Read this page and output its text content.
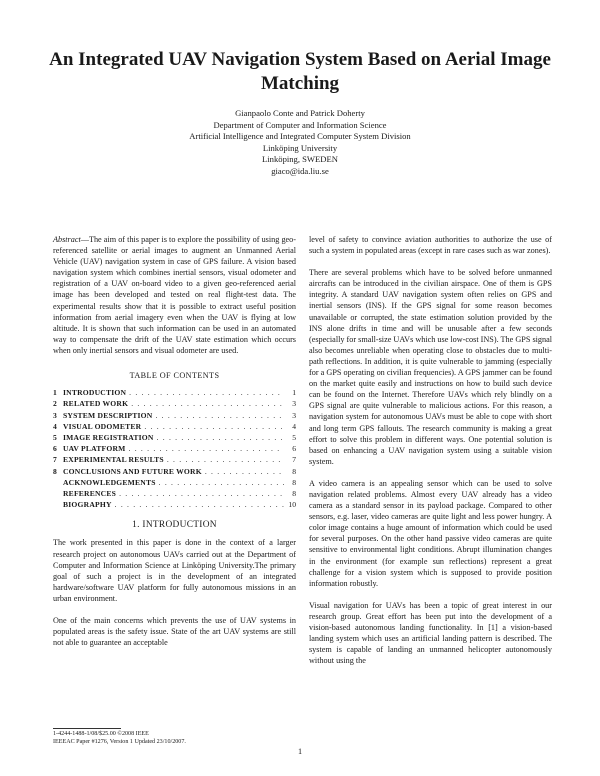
An Integrated UAV Navigation System Based on Aerial Image Matching
Gianpaolo Conte and Patrick Doherty
Department of Computer and Information Science
Artificial Intelligence and Integrated Computer System Division
Linköping University
Linköping, SWEDEN
giaco@ida.liu.se

Abstract—The aim of this paper is to explore the possibility of using geo-referenced satellite or aerial images to augment an Unmanned Aerial Vehicle (UAV) navigation system in case of GPS failure. A vision based navigation system which combines inertial sensors, visual odometer and registration of a UAV on-board video to a given geo-referenced aerial image has been developed and tested on real flight-test data. The experimental results show that it is possible to extract useful position information from aerial imagery even when the UAV is flying at low altitude. It is shown that such information can be used in an automated way to compensate the drift of the UAV state estimation which occurs when only inertial sensors and visual odometer are used.

TABLE OF CONTENTS
1 INTRODUCTION . . .	1
2 RELATED WORK . . .	3
3 SYSTEM DESCRIPTION . . .	3
4 VISUAL ODOMETER . . .	4
5 IMAGE REGISTRATION . . .	5
6 UAV PLATFORM . . .	6
7 EXPERIMENTAL RESULTS . . .	7
8 CONCLUSIONS AND FUTURE WORK . . .	8
ACKNOWLEDGEMENTS . . .	8
REFERENCES . . .	8
BIOGRAPHY . . .	10
1. INTRODUCTION

The work presented in this paper is done in the context of a larger research project on autonomous UAVs carried out at the Department of Computer and Information Science at Linköping University.The primary goal of such a project is in the development of an integrated hardware/software UAV platform for fully autonomous missions in an urban environment.

One of the main concerns which prevents the use of UAV systems in populated areas is the safety issue. State of the art UAV systems are still not able to guarantee an acceptable

level of safety to convince aviation authorities to authorize the use of such a system in populated areas (except in rare cases such as war zones).

There are several problems which have to be solved before unmanned aircrafts can be introduced in the civilian airspace. One of them is GPS integrity. A standard UAV navigation system often relies on GPS and inertial sensors (INS). If the GPS signal for some reason becomes unavailable or corrupted, the state estimation solution provided by the INS alone drifts in time and will be unusable after a few seconds (especially for small-size UAVs which use low-cost INS). The GPS signal also becomes unreliable when operating close to obstacles due to multi-path reflections. In addition, it is quite vulnerable to jamming (especially for a GPS operating on civilian frequencies). A GPS jammer can be found on the market quite easily and instructions on how to build such device can be found on the Internet. Therefore UAVs which rely blindly on a GPS signal are quite vulnerable to malicious actions. For this reason, a navigation system for autonomous UAVs must be able to cope with short and long term GPS fallouts. The research community is making a great effort to solve this problem in different ways. One potential solution is based on enhancing a UAV navigation system using a suitable vision system.

A video camera is an appealing sensor which can be used to solve navigation related problems. Almost every UAV already has a video camera as a standard sensor in its payload package. Compared to other sensors, e.g. laser, video cameras are quite light and less power hungry. A color image contains a huge amount of information which could be used for several purposes. On the other hand passive video cameras are quite sensitive to environmental light conditions. Abrupt illumination changes in the environment (for example sun reflections) represent a great challenge for a vision system which is supposed to provide position information robustly.

Visual navigation for UAVs has been a topic of great interest in our research group. Great effort has been put into the development of a vision-based autonomous landing functionality. In [1] a vision-based landing system which uses an artificial landing pattern is described. The system is capable of landing an unmanned helicopter autonomously without using the

1-4244-1488-1/08/$25.00 ©2008 IEEE
IEEEAC Paper #1276, Version 1 Updated 23/10/2007.
1
